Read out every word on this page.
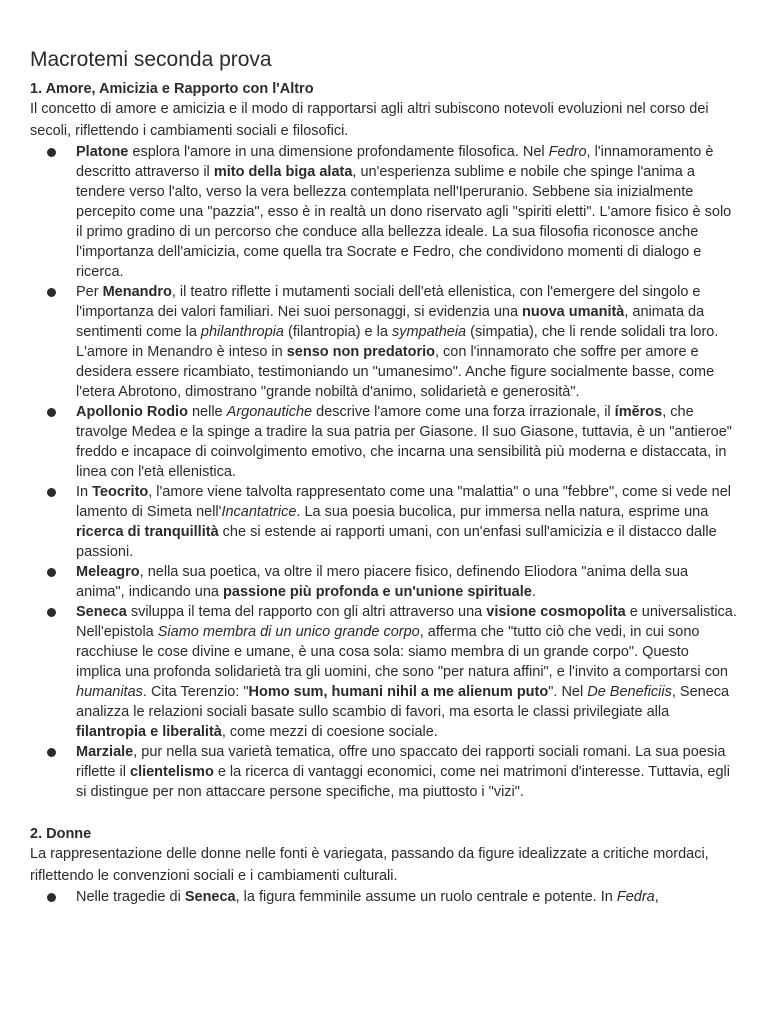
Macrotemi seconda prova
1. Amore, Amicizia e Rapporto con l'Altro

Il concetto di amore e amicizia e il modo di rapportarsi agli altri subiscono notevoli evoluzioni nel corso dei secoli, riflettendo i cambiamenti sociali e filosofici.

Platone esplora l'amore in una dimensione profondamente filosofica. Nel Fedro, l'innamoramento è descritto attraverso il mito della biga alata, un'esperienza sublime e nobile che spinge l'anima a tendere verso l'alto, verso la vera bellezza contemplata nell'Iperuranio. Sebbene sia inizialmente percepito come una "pazzia", esso è in realtà un dono riservato agli "spiriti eletti". L'amore fisico è solo il primo gradino di un percorso che conduce alla bellezza ideale. La sua filosofia riconosce anche l'importanza dell'amicizia, come quella tra Socrate e Fedro, che condividono momenti di dialogo e ricerca.
Per Menandro, il teatro riflette i mutamenti sociali dell'età ellenistica, con l'emergere del singolo e l'importanza dei valori familiari. Nei suoi personaggi, si evidenzia una nuova umanità, animata da sentimenti come la philanthropia (filantropia) e la sympatheia (simpatia), che li rende solidali tra loro. L'amore in Menandro è inteso in senso non predatorio, con l'innamorato che soffre per amore e desidera essere ricambiato, testimoniando un "umanesimo". Anche figure socialmente basse, come l'etera Abrotono, dimostrano "grande nobiltà d'animo, solidarietà e generosità".
Apollonio Rodio nelle Argonautiche descrive l'amore come una forza irrazionale, il ímĕros, che travolge Medea e la spinge a tradire la sua patria per Giasone. Il suo Giasone, tuttavia, è un "antieroe" freddo e incapace di coinvolgimento emotivo, che incarna una sensibilità più moderna e distaccata, in linea con l'età ellenistica.
In Teocrito, l'amore viene talvolta rappresentato come una "malattia" o una "febbre", come si vede nel lamento di Simeta nell'Incantatrice. La sua poesia bucolica, pur immersa nella natura, esprime una ricerca di tranquillità che si estende ai rapporti umani, con un'enfasi sull'amicizia e il distacco dalle passioni.
Meleagro, nella sua poetica, va oltre il mero piacere fisico, definendo Eliodora "anima della sua anima", indicando una passione più profonda e un'unione spirituale.
Seneca sviluppa il tema del rapporto con gli altri attraverso una visione cosmopolita e universalistica. Nell'epistola Siamo membra di un unico grande corpo, afferma che "tutto ciò che vedi, in cui sono racchiuse le cose divine e umane, è una cosa sola: siamo membra di un grande corpo". Questo implica una profonda solidarietà tra gli uomini, che sono "per natura affini", e l'invito a comportarsi con humanitas. Cita Terenzio: "Homo sum, humani nihil a me alienum puto". Nel De Beneficiis, Seneca analizza le relazioni sociali basate sullo scambio di favori, ma esorta le classi privilegiate alla filantropia e liberalità, come mezzi di coesione sociale.
Marziale, pur nella sua varietà tematica, offre uno spaccato dei rapporti sociali romani. La sua poesia riflette il clientelismo e la ricerca di vantaggi economici, come nei matrimoni d'interesse. Tuttavia, egli si distingue per non attaccare persone specifiche, ma piuttosto i "vizi".
2. Donne

La rappresentazione delle donne nelle fonti è variegata, passando da figure idealizzate a critiche mordaci, riflettendo le convenzioni sociali e i cambiamenti culturali.

Nelle tragedie di Seneca, la figura femminile assume un ruolo centrale e potente. In Fedra,
